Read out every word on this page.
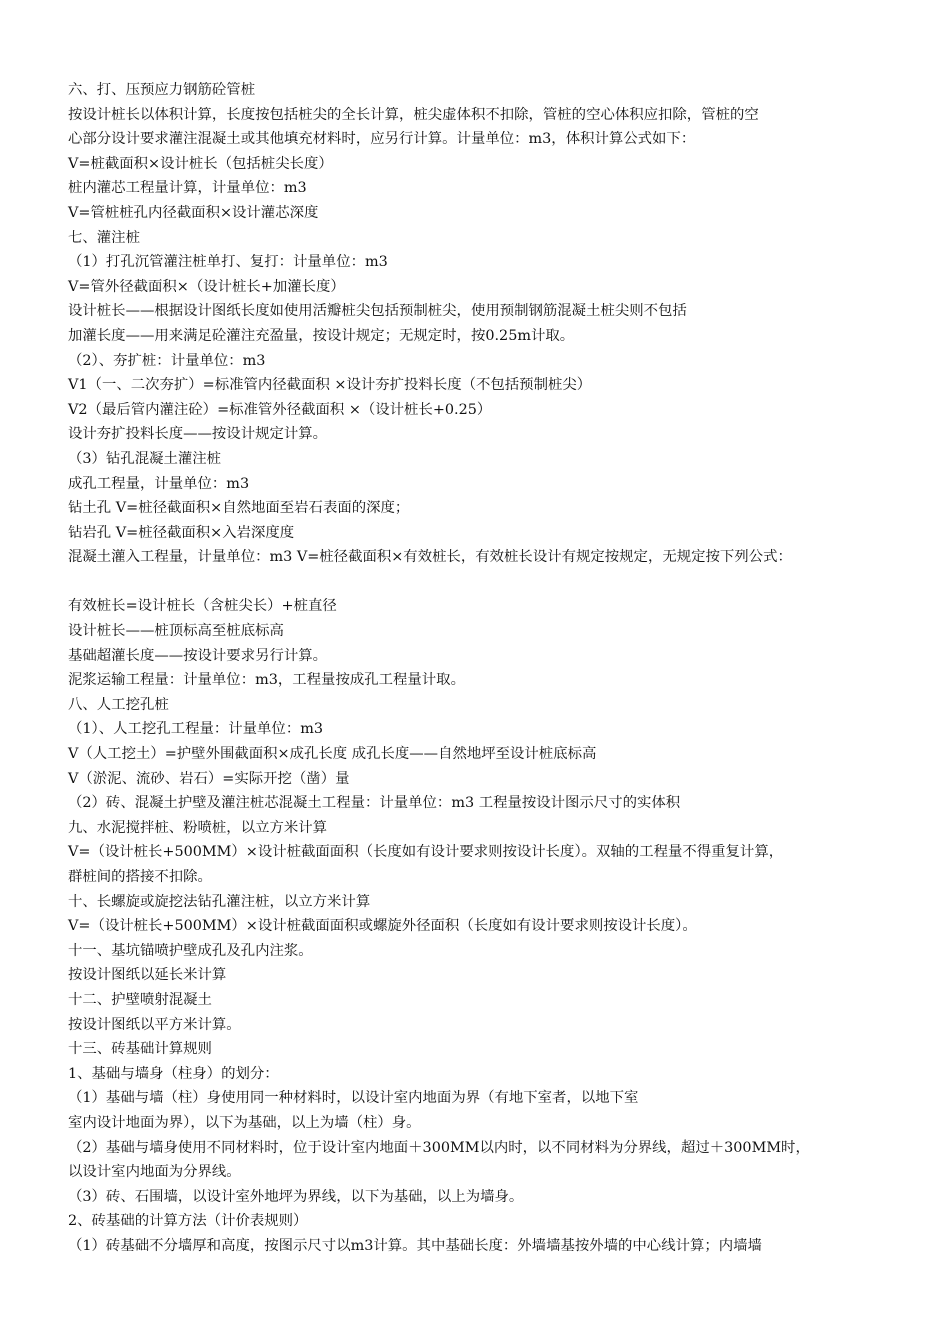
六、打、压预应力钢筋砼管桩
按设计桩长以体积计算，长度按包括桩尖的全长计算，桩尖虚体积不扣除，管桩的空心体积应扣除，管桩的空
心部分设计要求灌注混凝土或其他填充材料时，应另行计算。计量单位：m3，体积计算公式如下：
V=桩截面积×设计桩长（包括桩尖长度）
桩内灌芯工程量计算，计量单位：m3
V=管桩桩孔内径截面积×设计灌芯深度
七、灌注桩
（1）打孔沉管灌注桩单打、复打：计量单位：m3
V=管外径截面积×（设计桩长+加灌长度）
设计桩长——根据设计图纸长度如使用活瓣桩尖包括预制桩尖，使用预制钢筋混凝土桩尖则不包括
加灌长度——用来满足砼灌注充盈量，按设计规定；无规定时，按0.25m计取。
（2）、夯扩桩：计量单位：m3
V1（一、二次夯扩）=标准管内径截面积 ×设计夯扩投料长度（不包括预制桩尖）
V2（最后管内灌注砼）=标准管外径截面积 ×（设计桩长+0.25）
设计夯扩投料长度——按设计规定计算。
（3）钻孔混凝土灌注桩
成孔工程量，计量单位：m3
钻土孔 V=桩径截面积×自然地面至岩石表面的深度；
钻岩孔 V=桩径截面积×入岩深度度
混凝土灌入工程量，计量单位：m3 V=桩径截面积×有效桩长，有效桩长设计有规定按规定，无规定按下列公式：
有效桩长=设计桩长（含桩尖长）+桩直径
设计桩长——桩顶标高至桩底标高
基础超灌长度——按设计要求另行计算。
泥浆运输工程量：计量单位：m3，工程量按成孔工程量计取。
八、人工挖孔桩
（1）、人工挖孔工程量：计量单位：m3
V（人工挖土）=护壁外围截面积×成孔长度 成孔长度——自然地坪至设计桩底标高
V（淤泥、流砂、岩石）=实际开挖（凿）量
（2）砖、混凝土护壁及灌注桩芯混凝土工程量：计量单位：m3 工程量按设计图示尺寸的实体积
九、水泥搅拌桩、粉喷桩，以立方米计算
V=（设计桩长+500MM）×设计桩截面面积（长度如有设计要求则按设计长度）。双轴的工程量不得重复计算，
群桩间的搭接不扣除。
十、长螺旋或旋挖法钻孔灌注桩，以立方米计算
V=（设计桩长+500MM）×设计桩截面面积或螺旋外径面积（长度如有设计要求则按设计长度）。
十一、基坑锚喷护壁成孔及孔内注浆。
按设计图纸以延长米计算
十二、护壁喷射混凝土
按设计图纸以平方米计算。
十三、砖基础计算规则
1、基础与墙身（柱身）的划分：
（1）基础与墙（柱）身使用同一种材料时，以设计室内地面为界（有地下室者，以地下室
室内设计地面为界），以下为基础，以上为墙（柱）身。
（2）基础与墙身使用不同材料时，位于设计室内地面＋300MM以内时，以不同材料为分界线，超过＋300MM时，
以设计室内地面为分界线。
（3）砖、石围墙，以设计室外地坪为界线，以下为基础，以上为墙身。
2、砖基础的计算方法（计价表规则）
（1）砖基础不分墙厚和高度，按图示尺寸以m3计算。其中基础长度：外墙墙基按外墙的中心线计算；内墙墙
